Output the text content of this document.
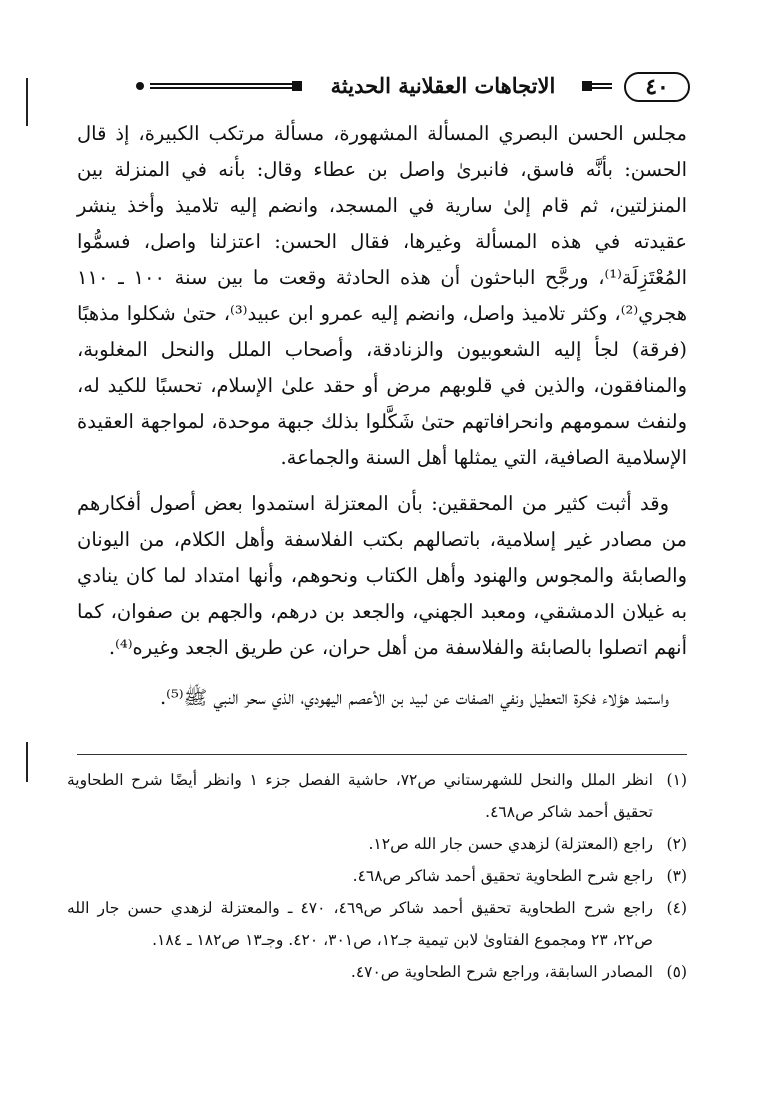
٤٠
الاتجاهات العقلانية الحديثة

مجلس الحسن البصري المسألة المشهورة، مسألة مرتكب الكبيرة، إذ قال الحسن: بأنَّه فاسق، فانبرىٰ واصل بن عطاء وقال: بأنه في المنزلة بين المنزلتين، ثم قام إلىٰ سارية في المسجد، وانضم إليه تلاميذ وأخذ ينشر عقيدته في هذه المسألة وغيرها، فقال الحسن: اعتزلنا واصل، فسمُّوا المُعْتَزِلَة⁽¹⁾، ورجَّح الباحثون أن هذه الحادثة وقعت ما بين سنة ١٠٠ ـ ١١٠ هجري⁽²⁾، وكثر تلاميذ واصل، وانضم إليه عمرو ابن عبيد⁽³⁾، حتىٰ شكلوا مذهبًا (فرقة) لجأ إليه الشعوبيون والزنادقة، وأصحاب الملل والنحل المغلوبة، والمنافقون، والذين في قلوبهم مرض أو حقد علىٰ الإسلام، تحسبًا للكيد له، ولنفث سمومهم وانحرافاتهم حتىٰ شَكَّلوا بذلك جبهة موحدة، لمواجهة العقيدة الإسلامية الصافية، التي يمثلها أهل السنة والجماعة.

وقد أثبت كثير من المحققين: بأن المعتزلة استمدوا بعض أصول أفكارهم من مصادر غير إسلامية، باتصالهم بكتب الفلاسفة وأهل الكلام، من اليونان والصابئة والمجوس والهنود وأهل الكتاب ونحوهم، وأنها امتداد لما كان ينادي به غيلان الدمشقي، ومعبد الجهني، والجعد بن درهم، والجهم بن صفوان، كما أنهم اتصلوا بالصابئة والفلاسفة من أهل حران، عن طريق الجعد وغيره⁽⁴⁾.

واستمد هؤلاء فكرة التعطيل ونفي الصفات عن لبيد بن الأعصم اليهودي، الذي سحر النبي ﷺ⁽⁵⁾.

(١)
انظر الملل والنحل للشهرستاني ص٧٢، حاشية الفصل جزء ١ وانظر أيضًا شرح الطحاوية تحقيق أحمد شاكر ص٤٦٨.
(٢)
راجع (المعتزلة) لزهدي حسن جار الله ص١٢.
(٣)
راجع شرح الطحاوية تحقيق أحمد شاكر ص٤٦٨.
(٤)
راجع شرح الطحاوية تحقيق أحمد شاكر ص٤٦٩، ٤٧٠ ـ والمعتزلة لزهدي حسن جار الله ص٢٢، ٢٣ ومجموع الفتاوىٰ لابن تيمية جـ١٢، ص٣٠١، ٤٢٠. وجـ١٣ ص١٨٢ ـ ١٨٤.
(٥)
المصادر السابقة، وراجع شرح الطحاوية ص٤٧٠.
